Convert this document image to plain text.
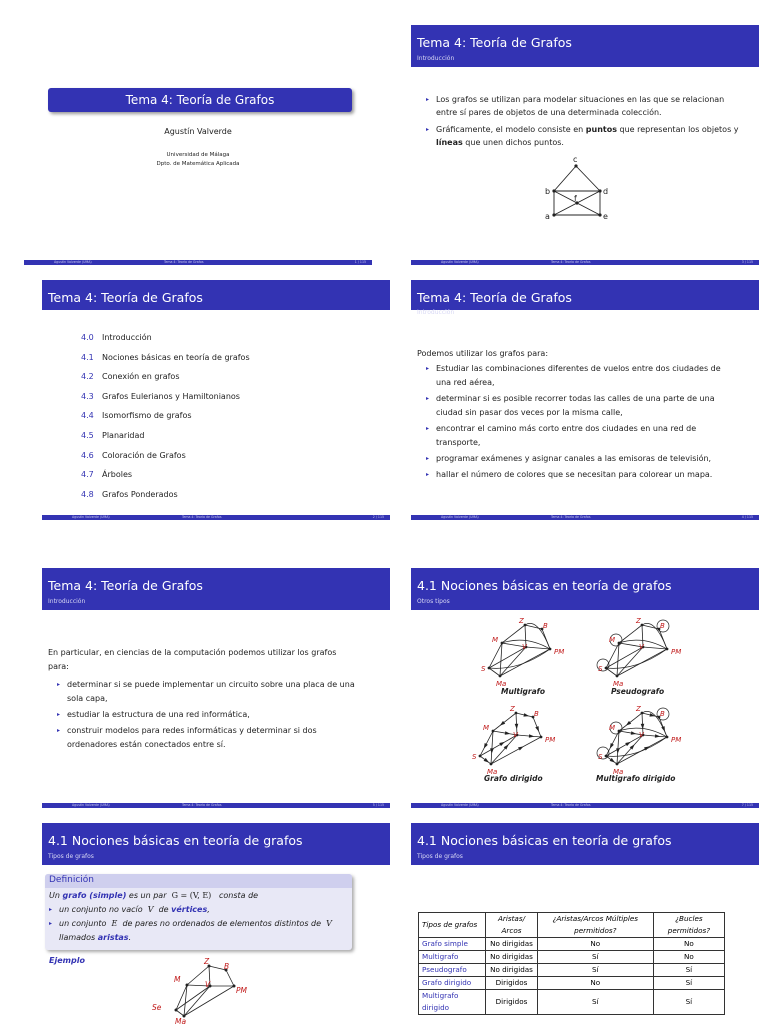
Tema 4: Teoría de Grafos
Agustín Valverde
Universidad de Málaga
Dpto. de Matemática Aplicada
Agustín Valverde (UMA)	Tema 4: Teoría de Grafos	1 / 115
Tema 4: Teoría de Grafos
Introducción
▸ Los grafos se utilizan para modelar situaciones en las que se relacionan entre sí pares de objetos de una determinada colección.
▸ Gráficamente, el modelo consiste en puntos que representan los objetos y líneas que unen dichos puntos.
c
b	d
a	e
f
Agustín Valverde (UMA)	Tema 4: Teoría de Grafos	3 / 115
Tema 4: Teoría de Grafos
4.0 Introducción
4.1 Nociones básicas en teoría de grafos
4.2 Conexión en grafos
4.3 Grafos Eulerianos y Hamiltonianos
4.4 Isomorfismo de grafos
4.5 Planaridad
4.6 Coloración de Grafos
4.7 Árboles
4.8 Grafos Ponderados
Agustín Valverde (UMA)	Tema 4: Teoría de Grafos	2 / 115
Tema 4: Teoría de Grafos
Introducción
Podemos utilizar los grafos para:
▸ Estudiar las combinaciones diferentes de vuelos entre dos ciudades de una red aérea,
▸ determinar si es posible recorrer todas las calles de una parte de una ciudad sin pasar dos veces por la misma calle,
▸ encontrar el camino más corto entre dos ciudades en una red de transporte,
▸ programar exámenes y asignar canales a las emisoras de televisión,
▸ hallar el número de colores que se necesitan para colorear un mapa.
Agustín Valverde (UMA)	Tema 4: Teoría de Grafos	4 / 115
Tema 4: Teoría de Grafos
Introducción
En particular, en ciencias de la computación podemos utilizar los grafos para:
▸ determinar si se puede implementar un circuito sobre una placa de una sola capa,
▸ estudiar la estructura de una red informática,
▸ construir modelos para redes informáticas y determinar si dos ordenadores están conectados entre sí.
Agustín Valverde (UMA)	Tema 4: Teoría de Grafos	5 / 115
4.1 Nociones básicas en teoría de grafos
Otros tipos
Z
B
M
V
PM
S
Ma
Multigrafo
Z
B
M
V
PM
S
Ma
Pseudografo
Z
B
M
V
PM
S
Ma
Grafo dirigido
Z
B
M
V
PM
S
Ma
Multigrafo dirigido
Agustín Valverde (UMA)	Tema 4: Teoría de Grafos	7 / 115
4.1 Nociones básicas en teoría de grafos
Tipos de grafos
Definición
Un grafo (simple) es un par  G = (V, E)   consta de
▸ un conjunto no vacío  V  de vértices,
▸ un conjunto  E  de pares no ordenados de elementos distintos de  V
llamados aristas.
Ejemplo	Z
B
M
V
PM
Se
Ma
4.1 Nociones básicas en teoría de grafos
Tipos de grafos
Tipos de grafos	Aristas/ Arcos	¿Aristas/Arcos Múltiples permitidos?	¿Bucles permitidos?
Grafo simple	No dirigidas	No	No
Multigrafo	No dirigidas	Sí	No
Pseudografo	No dirigidas	Sí	Sí
Grafo dirigido	Dirigidos	No	Sí
Multigrafo dirigido	Dirigidos	Sí	Sí
